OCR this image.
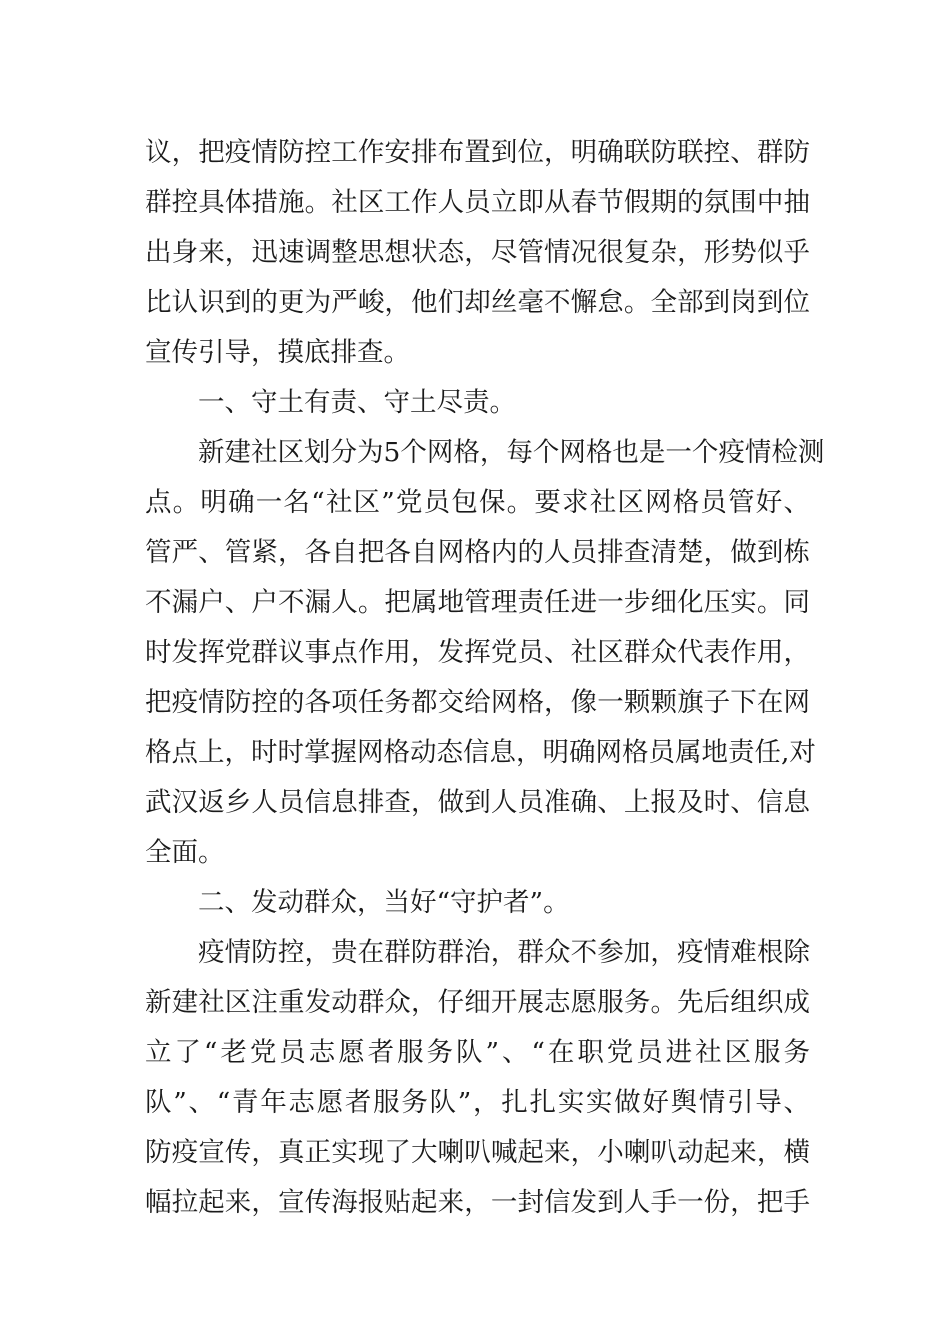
议，把疫情防控工作安排布置到位，明确联防联控、群防
群控具体措施。社区工作人员立即从春节假期的氛围中抽
出身来，迅速调整思想状态，尽管情况很复杂，形势似乎
比认识到的更为严峻，他们却丝毫不懈怠。全部到岗到位
宣传引导，摸底排查。
一、守土有责、守土尽责。
新建社区划分为5个网格，每个网格也是一个疫情检测
点。明确一名“社区”党员包保。要求社区网格员管好、
管严、管紧，各自把各自网格内的人员排查清楚，做到栋
不漏户、户不漏人。把属地管理责任进一步细化压实。同
时发挥党群议事点作用，发挥党员、社区群众代表作用，
把疫情防控的各项任务都交给网格，像一颗颗旗子下在网
格点上，时时掌握网格动态信息，明确网格员属地责任,对
武汉返乡人员信息排查，做到人员准确、上报及时、信息
全面。
二、发动群众，当好“守护者”。
疫情防控，贵在群防群治，群众不参加，疫情难根除
新建社区注重发动群众，仔细开展志愿服务。先后组织成
立了“老党员志愿者服务队”、“在职党员进社区服务
队”、“青年志愿者服务队”，扎扎实实做好舆情引导、
防疫宣传，真正实现了大喇叭喊起来，小喇叭动起来，横
幅拉起来，宣传海报贴起来，一封信发到人手一份，把手
